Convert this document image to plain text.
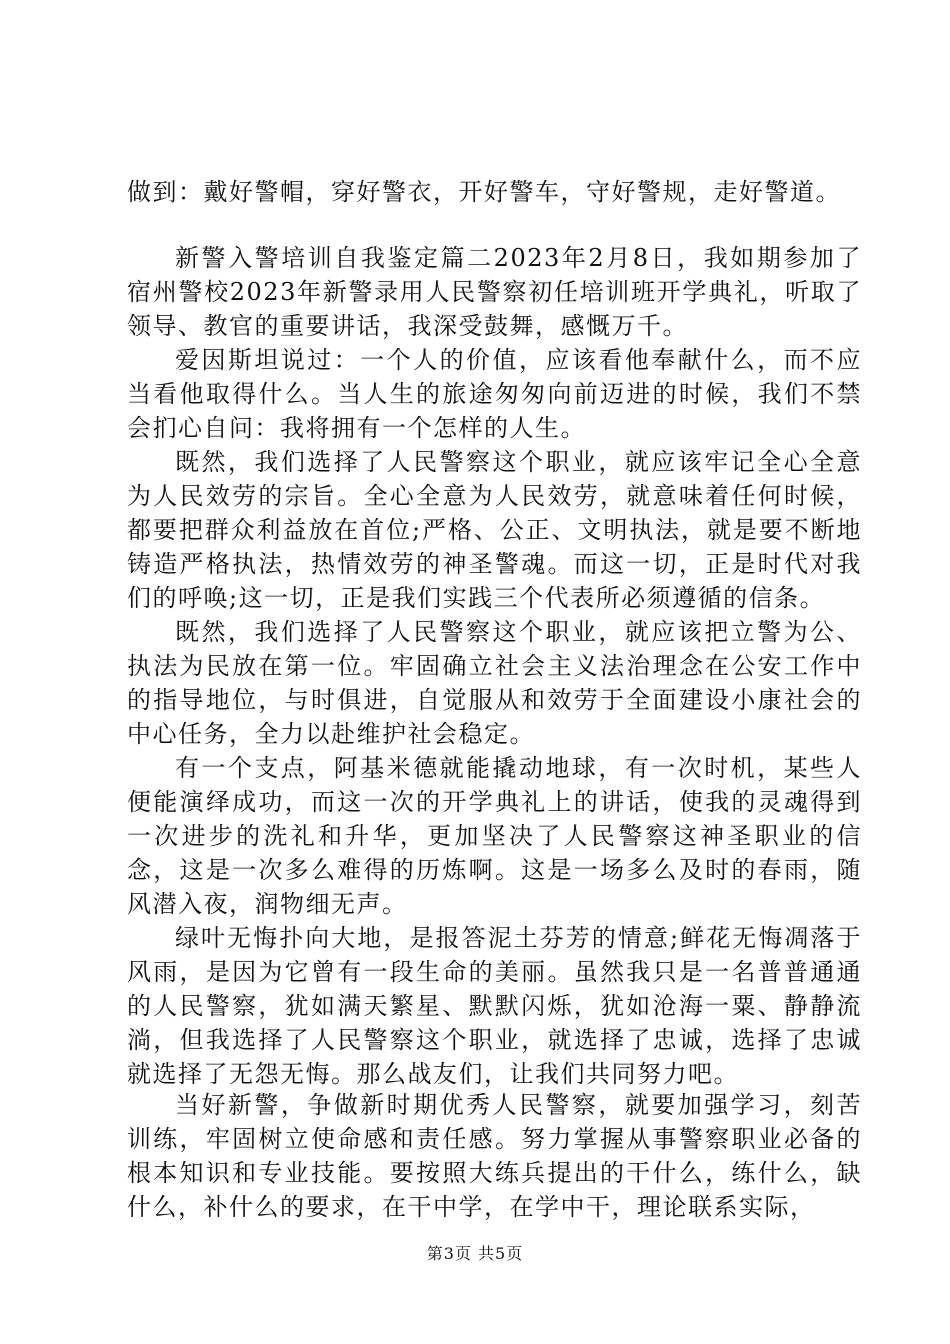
做到：戴好警帽，穿好警衣，开好警车，守好警规，走好警道。

新警入警培训自我鉴定篇二2023年2月8日，我如期参加了宿州警校2023年新警录用人民警察初任培训班开学典礼，听取了领导、教官的重要讲话，我深受鼓舞，感慨万千。

爱因斯坦说过：一个人的价值，应该看他奉献什么，而不应当看他取得什么。当人生的旅途匆匆向前迈进的时候，我们不禁会扪心自问：我将拥有一个怎样的人生。

既然，我们选择了人民警察这个职业，就应该牢记全心全意为人民效劳的宗旨。全心全意为人民效劳，就意味着任何时候，都要把群众利益放在首位;严格、公正、文明执法，就是要不断地铸造严格执法，热情效劳的神圣警魂。而这一切，正是时代对我们的呼唤;这一切，正是我们实践三个代表所必须遵循的信条。

既然，我们选择了人民警察这个职业，就应该把立警为公、执法为民放在第一位。牢固确立社会主义法治理念在公安工作中的指导地位，与时俱进，自觉服从和效劳于全面建设小康社会的中心任务，全力以赴维护社会稳定。

有一个支点，阿基米德就能撬动地球，有一次时机，某些人便能演绎成功，而这一次的开学典礼上的讲话，使我的灵魂得到一次进步的洗礼和升华，更加坚决了人民警察这神圣职业的信念，这是一次多么难得的历炼啊。这是一场多么及时的春雨，随风潜入夜，润物细无声。

绿叶无悔扑向大地，是报答泥土芬芳的情意;鲜花无悔凋落于风雨，是因为它曾有一段生命的美丽。虽然我只是一名普普通通的人民警察，犹如满天繁星、默默闪烁，犹如沧海一粟、静静流淌，但我选择了人民警察这个职业，就选择了忠诚，选择了忠诚就选择了无怨无悔。那么战友们，让我们共同努力吧。

当好新警，争做新时期优秀人民警察，就要加强学习，刻苦训练，牢固树立使命感和责任感。努力掌握从事警察职业必备的根本知识和专业技能。要按照大练兵提出的干什么，练什么，缺什么，补什么的要求，在干中学，在学中干，理论联系实际，

第3页 共5页
